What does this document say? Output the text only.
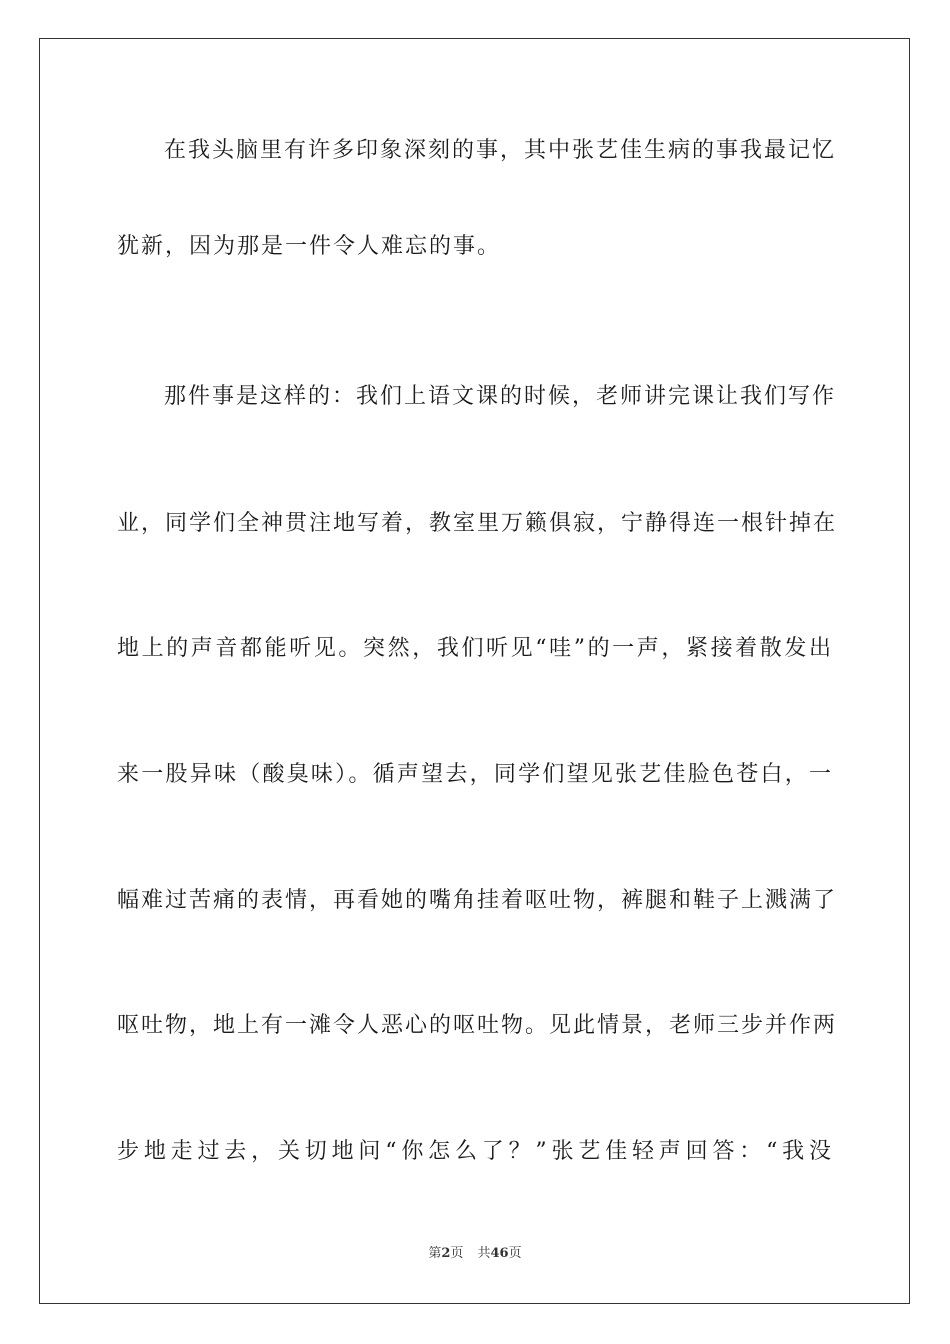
在我头脑里有许多印象深刻的事，其中张艺佳生病的事我最记忆
犹新，因为那是一件令人难忘的事。
那件事是这样的：我们上语文课的时候，老师讲完课让我们写作
业，同学们全神贯注地写着，教室里万籁俱寂，宁静得连一根针掉在
地上的声音都能听见。突然，我们听见“哇”的一声，紧接着散发出
来一股异味（酸臭味）。循声望去，同学们望见张艺佳脸色苍白，一
幅难过苦痛的表情，再看她的嘴角挂着呕吐物，裤腿和鞋子上溅满了
呕吐物，地上有一滩令人恶心的呕吐物。见此情景，老师三步并作两
步地走过去，关切地问“你怎么了？”张艺佳轻声回答：“我没
第2页 共46页
